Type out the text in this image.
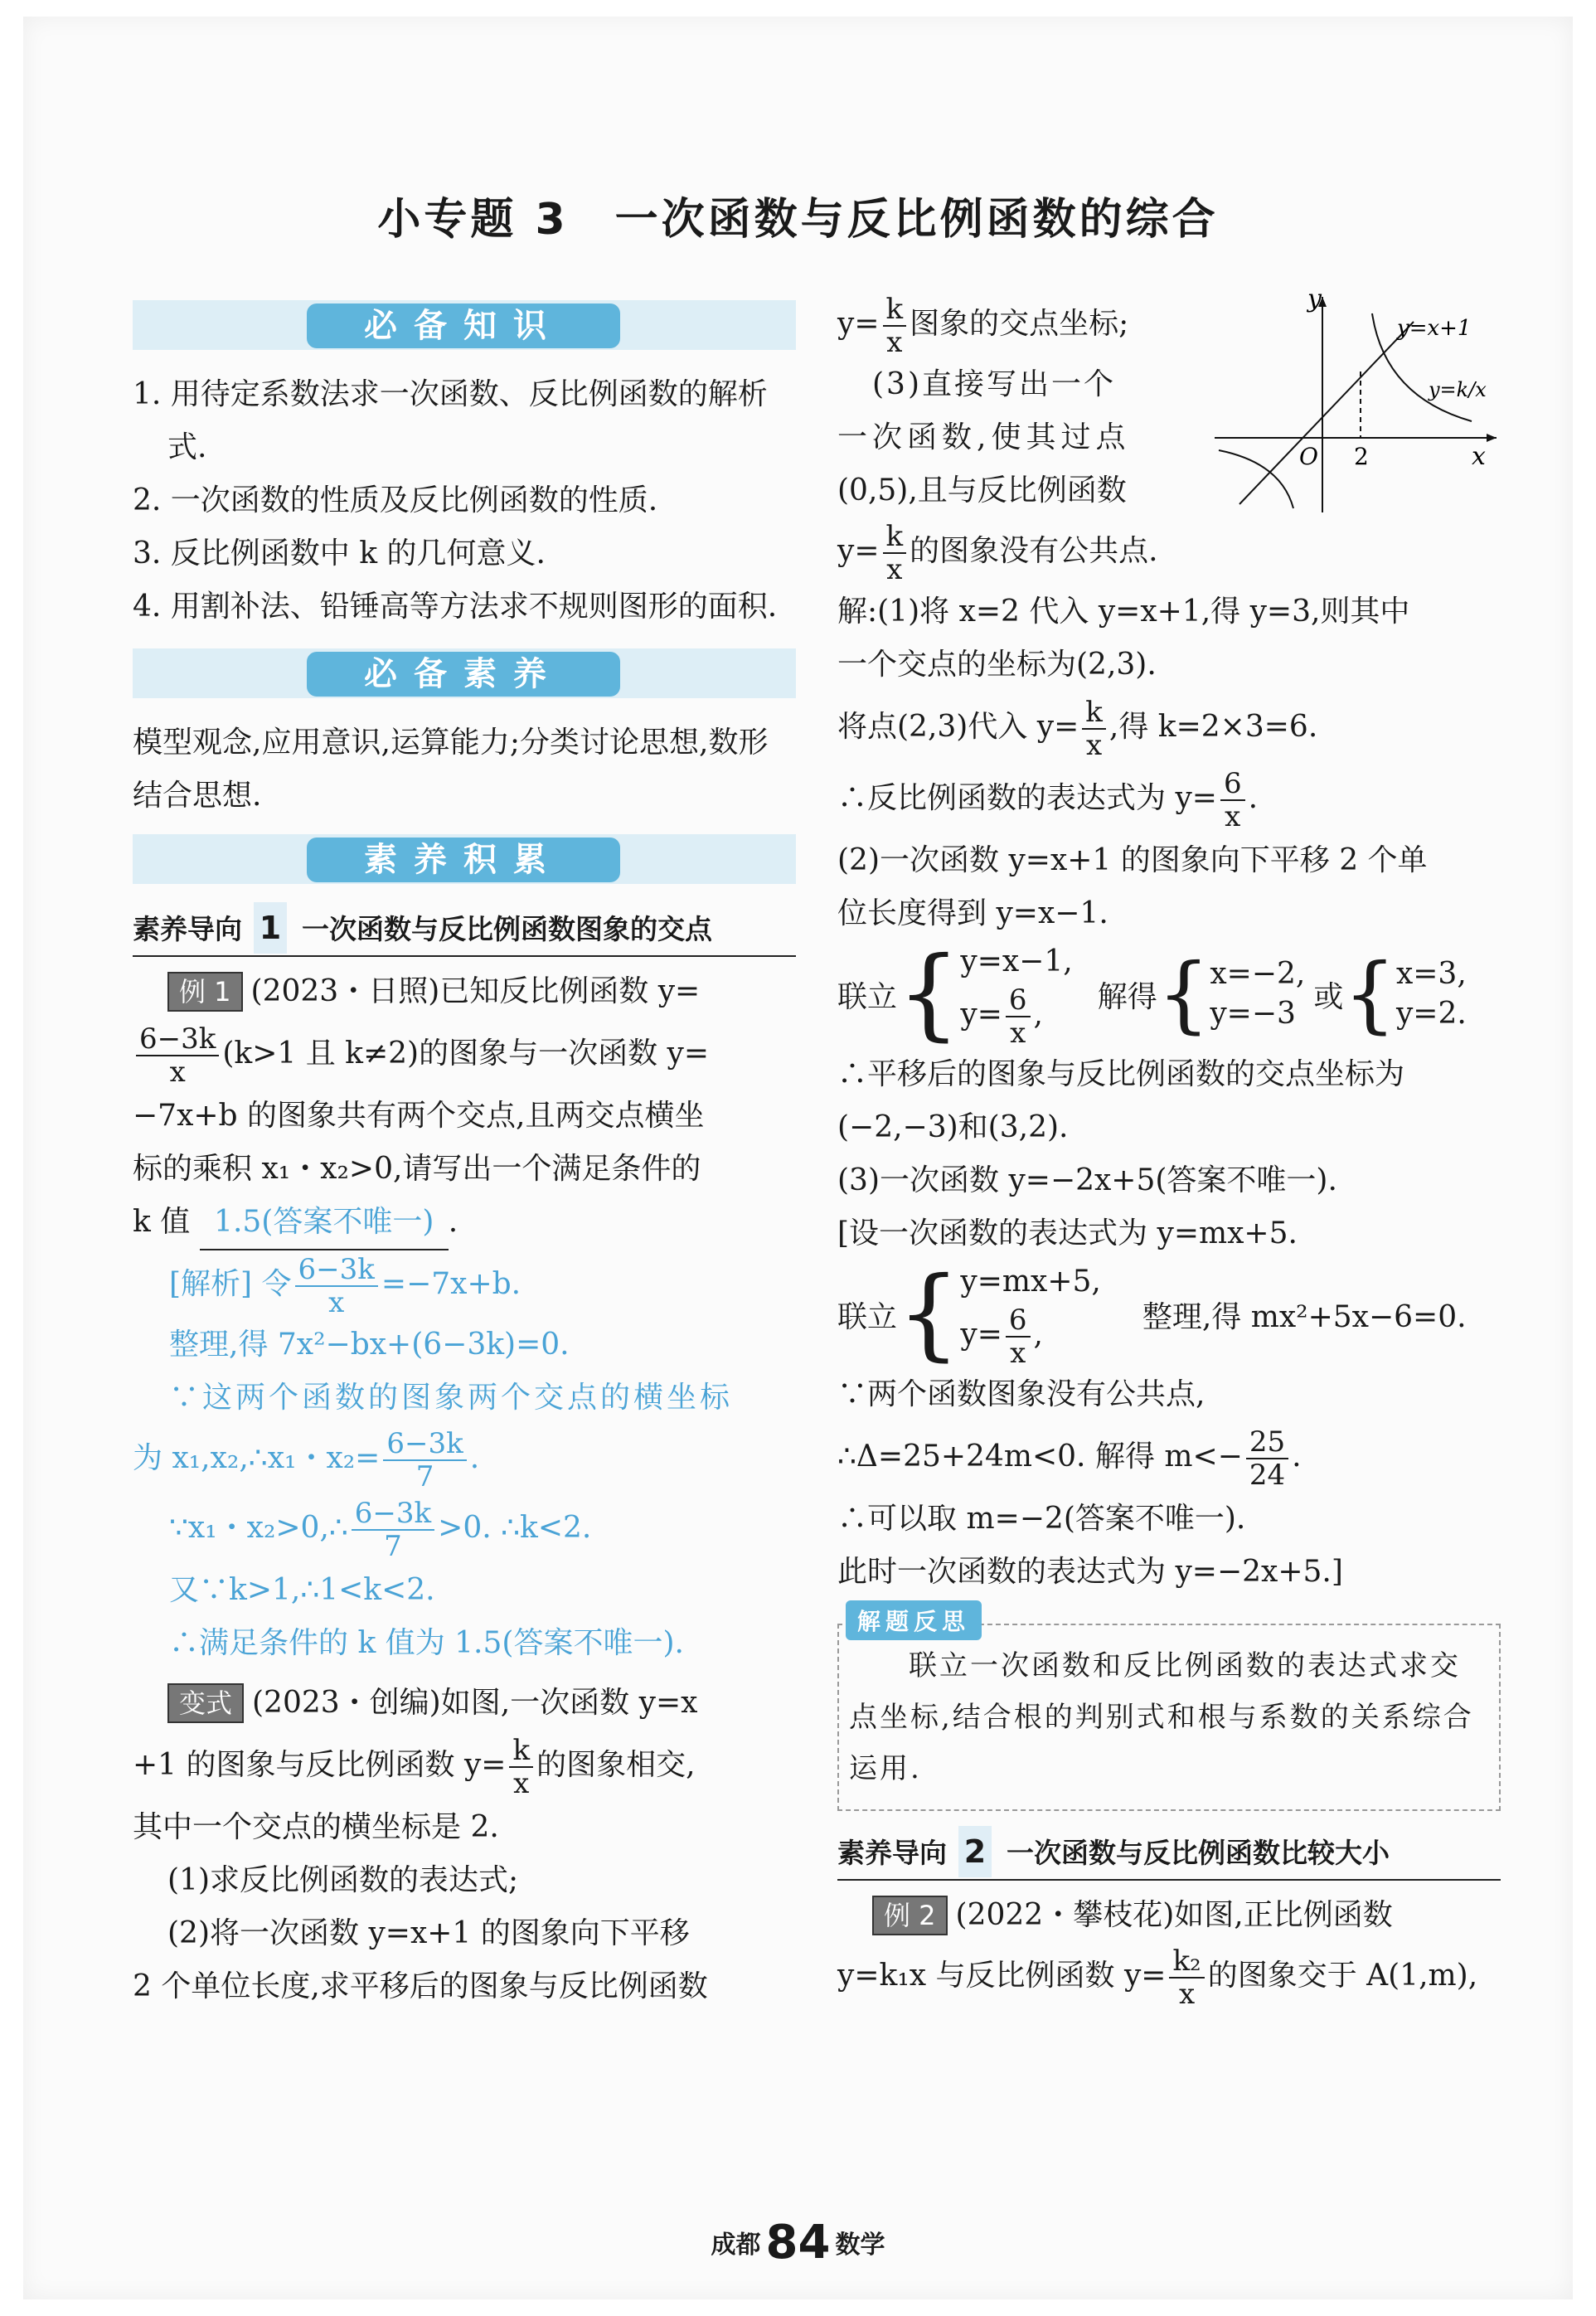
小专题 3　一次函数与反比例函数的综合
必备知识

1. 用待定系数法求一次函数、反比例函数的解析式.

2. 一次函数的性质及反比例函数的性质.

3. 反比例函数中 k 的几何意义.

4. 用割补法、铅锤高等方法求不规则图形的面积.

必备素养

模型观念,应用意识,运算能力;分类讨论思想,数形结合思想.

素养积累
素养导向 1 一次函数与反比例函数图象的交点

例 1 (2023・日照)已知反比例函数 y=

$\frac{6-3k}{x} (k>1$ 且 k≠2)的图象与一次函数 y=

−7x+b 的图象共有两个交点,且两交点横坐

标的乘积 x₁・x₂>0,请写出一个满足条件的

k 值 1.5(答案不唯一) .

[解析] 令 $\frac{6-3k}{x} =-7x+b$.

整理,得 7x²−bx+(6−3k)=0.

∵这两个函数的图象两个交点的横坐标

为 x₁,x₂,∴x₁・$x_2= \frac{6-3k}{7}$ .

∵x₁・x₂>0,∴ $\frac{6-3k}{7} >0$. ∴k<2.

又∵k>1,∴1<k<2.

∴满足条件的 k 值为 1.5(答案不唯一).

变式 (2023・创编)如图,一次函数 y=x

+1 的图象与反比例函数 $y= \frac{k}{x}$ 的图象相交,

其中一个交点的横坐标是 2.

(1)求反比例函数的表达式;

(2)将一次函数 y=x+1 的图象向下平移

2 个单位长度,求平移后的图象与反比例函数

y
x
O 2
y=x+1
y=k/x

$y= \frac{k}{x}$ 图象的交点坐标;

(3)直接写出一个

一次函数,使其过点

(0,5),且与反比例函数

$y= \frac{k}{x}$ 的图象没有公共点.

解:(1)将 x=2 代入 y=x+1,得 y=3,则其中

一个交点的坐标为(2,3).

将点(2,3)代入 $y= \frac{k}{x}$ ,得 k=2×3=6.

∴反比例函数的表达式为 $y= \frac{6}{x}$ .

(2)一次函数 y=x+1 的图象向下平移 2 个单

位长度得到 y=x−1.

联立 { y=x−1,
$y= \frac{6}{x}$ ,
解得 { x=−2,
y=−3 或 { x=3,
y=2.

∴平移后的图象与反比例函数的交点坐标为

(−2,−3)和(3,2).

(3)一次函数 y=−2x+5(答案不唯一).

[设一次函数的表达式为 y=mx+5.

联立 { y=mx+5,
$y= \frac{6}{x}$ ,
整理,得 mx²+5x−6=0.

∵两个函数图象没有公共点,

∴Δ=25+24m<0. 解得 $m<- \frac{25}{24}$ .

∴可以取 m=−2(答案不唯一).

此时一次函数的表达式为 y=−2x+5.]

解题反思

联立一次函数和反比例函数的表达式求交点坐标,结合根的判别式和根与系数的关系综合运用.

素养导向 2 一次函数与反比例函数比较大小

例 2 (2022・攀枝花)如图,正比例函数

y=k₁x 与反比例函数 $y= \frac{\text{k₂}}{x}$ 的图象交于 A(1,m),

成都 84 数学
